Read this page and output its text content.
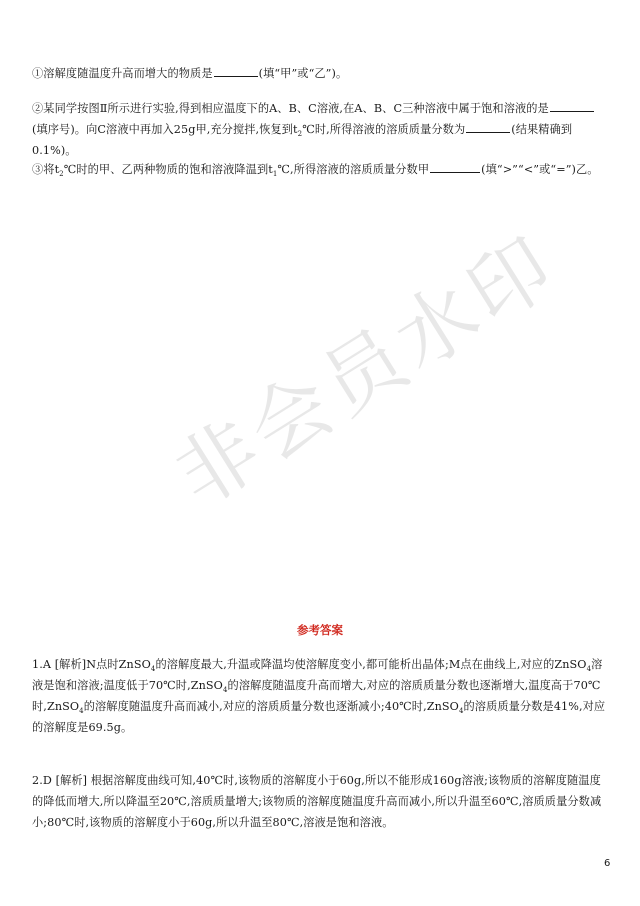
①溶解度随温度升高而增大的物质是	(填“甲”或“乙”)。

②某同学按图Ⅱ所示进行实验,得到相应温度下的A、B、C溶液,在A、B、C三种溶液中属于饱和溶液的是(填序号)。向C溶液中再加入25g甲,充分搅拌,恢复到$t_2℃$时,所得溶液的溶质质量分数为	(结果精确到0.1%)。

③将$t_2℃$时的甲、乙两种物质的饱和溶液降温到$t_1℃$,所得溶液的溶质质量分数甲	(填“>”“<”或“=”)乙。

非会员水印
参考答案

1.A [解析]N点时ZnSO$_4$的溶解度最大,升温或降温均使溶解度变小,都可能析出晶体;M点在曲线上,对应的ZnSO$_4$溶液是饱和溶液;温度低于70℃时,ZnSO$_4$的溶解度随温度升高而增大,对应的溶质质量分数也逐渐增大,温度高于70℃时,ZnSO$_4$的溶解度随温度升高而减小,对应的溶质质量分数也逐渐减小;40℃时,ZnSO$_4$的溶质质量分数是41%,对应的溶解度是69.5g。

2.D [解析] 根据溶解度曲线可知,40℃时,该物质的溶解度小于60g,所以不能形成160g溶液;该物质的溶解度随温度的降低而增大,所以降温至20℃,溶质质量增大;该物质的溶解度随温度升高而减小,所以升温至60℃,溶质质量分数减小;80℃时,该物质的溶解度小于60g,所以升温至80℃,溶液是饱和溶液。

6
